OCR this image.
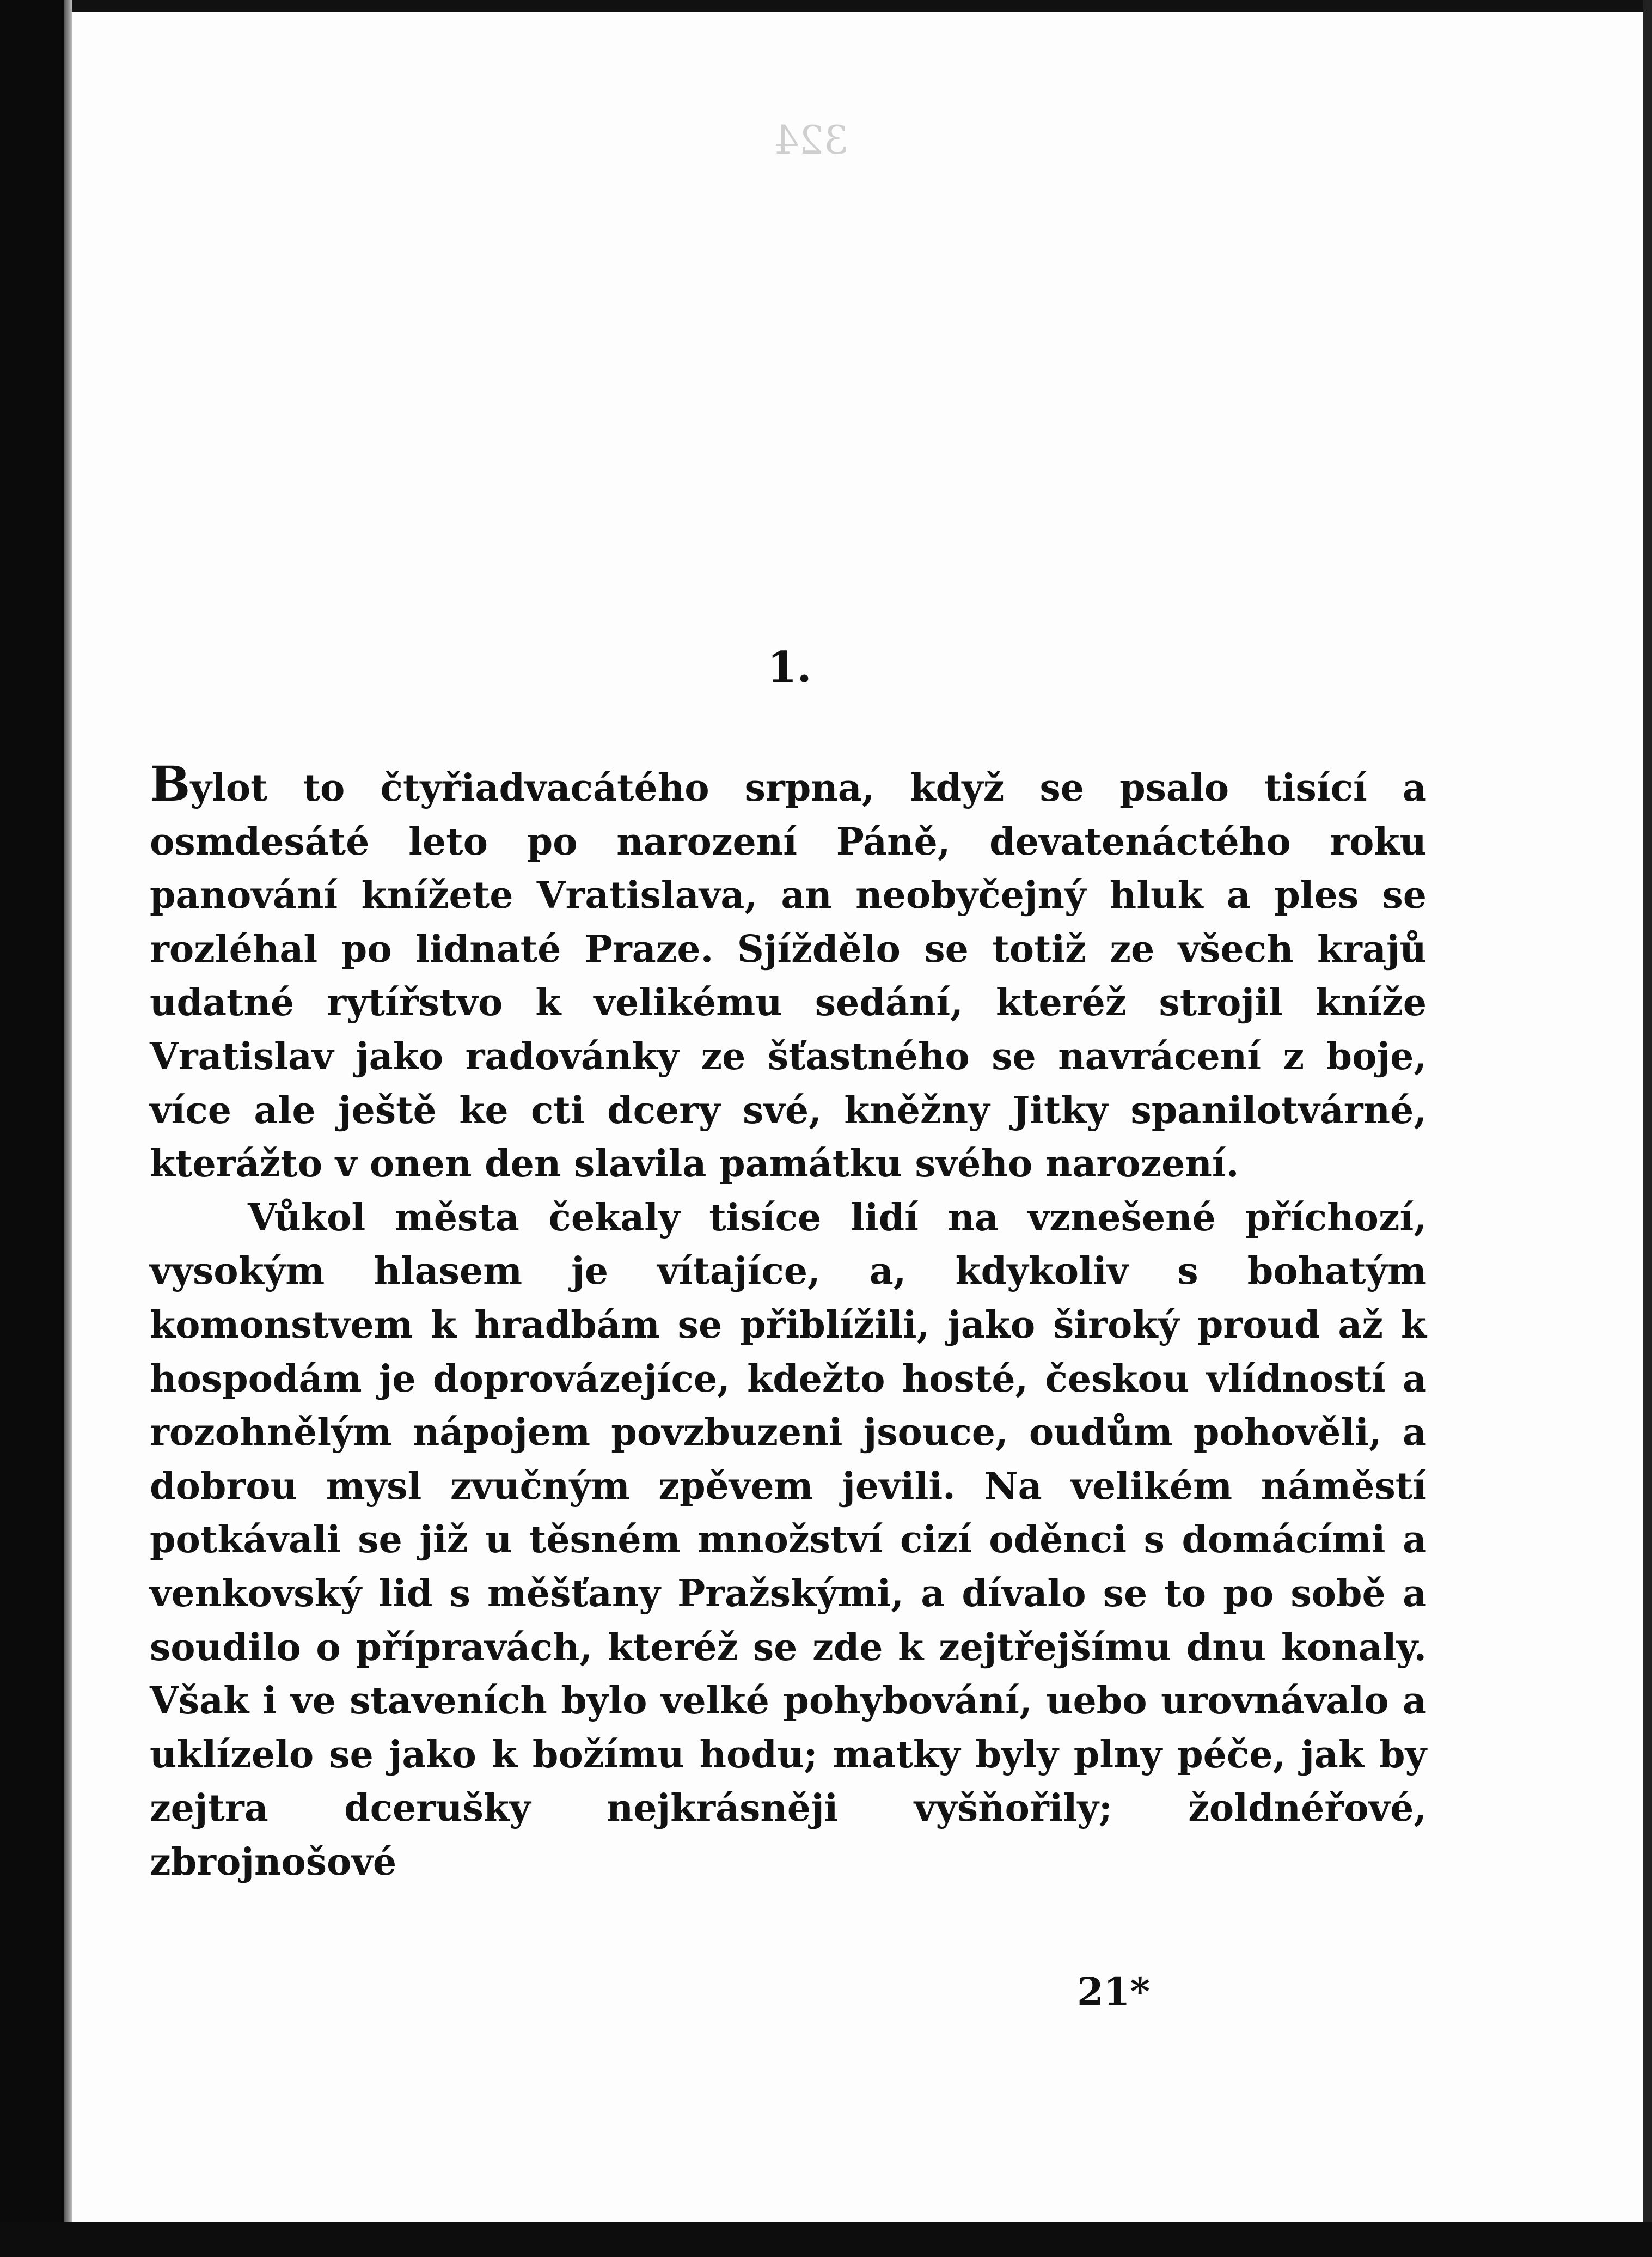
324
1.

Bylot to čtyřiadvacátého srpna, když se psalo tisící a osmdesáté leto po narození Páně, devatenáctého roku panování knížete Vratislava, an neobyčejný hluk a ples se rozléhal po lidnaté Praze. Sjíždělo se totiž ze všech krajů udatné rytířstvo k velikému sedání, kteréž strojil kníže Vratislav jako radovánky ze šťastného se navrácení z boje, více ale ještě ke cti dcery své, kněžny Jitky spanilotvárné, kterážto v onen den slavila památku svého narození.

Vůkol města čekaly tisíce lidí na vznešené příchozí, vysokým hlasem je vítajíce, a, kdykoliv s bohatým komonstvem k hradbám se přiblížili, jako široký proud až k hospodám je doprovázejíce, kdežto hosté, českou vlídností a rozohnělým nápojem povzbuzeni jsouce, oudům pohověli, a dobrou mysl zvučným zpěvem jevili. Na velikém náměstí potkávali se již u těsném množství cizí oděnci s domácími a venkovský lid s měšťany Pražskými, a dívalo se to po sobě a soudilo o přípravách, kteréž se zde k zejtřejšímu dnu konaly. Však i ve staveních bylo velké pohybování, uebo urovnávalo a uklízelo se jako k božímu hodu; matky byly plny péče, jak by zejtra dcerušky nejkrásněji vyšňořily; žoldnéřové, zbrojnošové

21*
